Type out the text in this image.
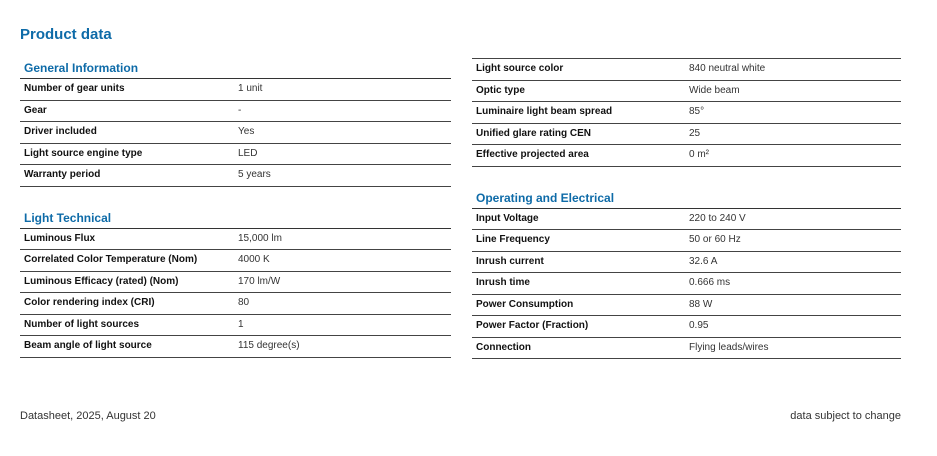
Product data
General Information
Number of gear units	1 unit
Gear	-
Driver included	Yes
Light source engine type	LED
Warranty period	5 years
Light Technical
Luminous Flux	15,000 lm
Correlated Color Temperature (Nom)	4000 K
Luminous Efficacy (rated) (Nom)	170 lm/W
Color rendering index (CRI)	80
Number of light sources	1
Beam angle of light source	115 degree(s)
Light source color	840 neutral white
Optic type	Wide beam
Luminaire light beam spread	85°
Unified glare rating CEN	25
Effective projected area	0 m²
Operating and Electrical
Input Voltage	220 to 240 V
Line Frequency	50 or 60 Hz
Inrush current	32.6 A
Inrush time	0.666 ms
Power Consumption	88 W
Power Factor (Fraction)	0.95
Connection	Flying leads/wires
Datasheet, 2025, August 20	data subject to change
